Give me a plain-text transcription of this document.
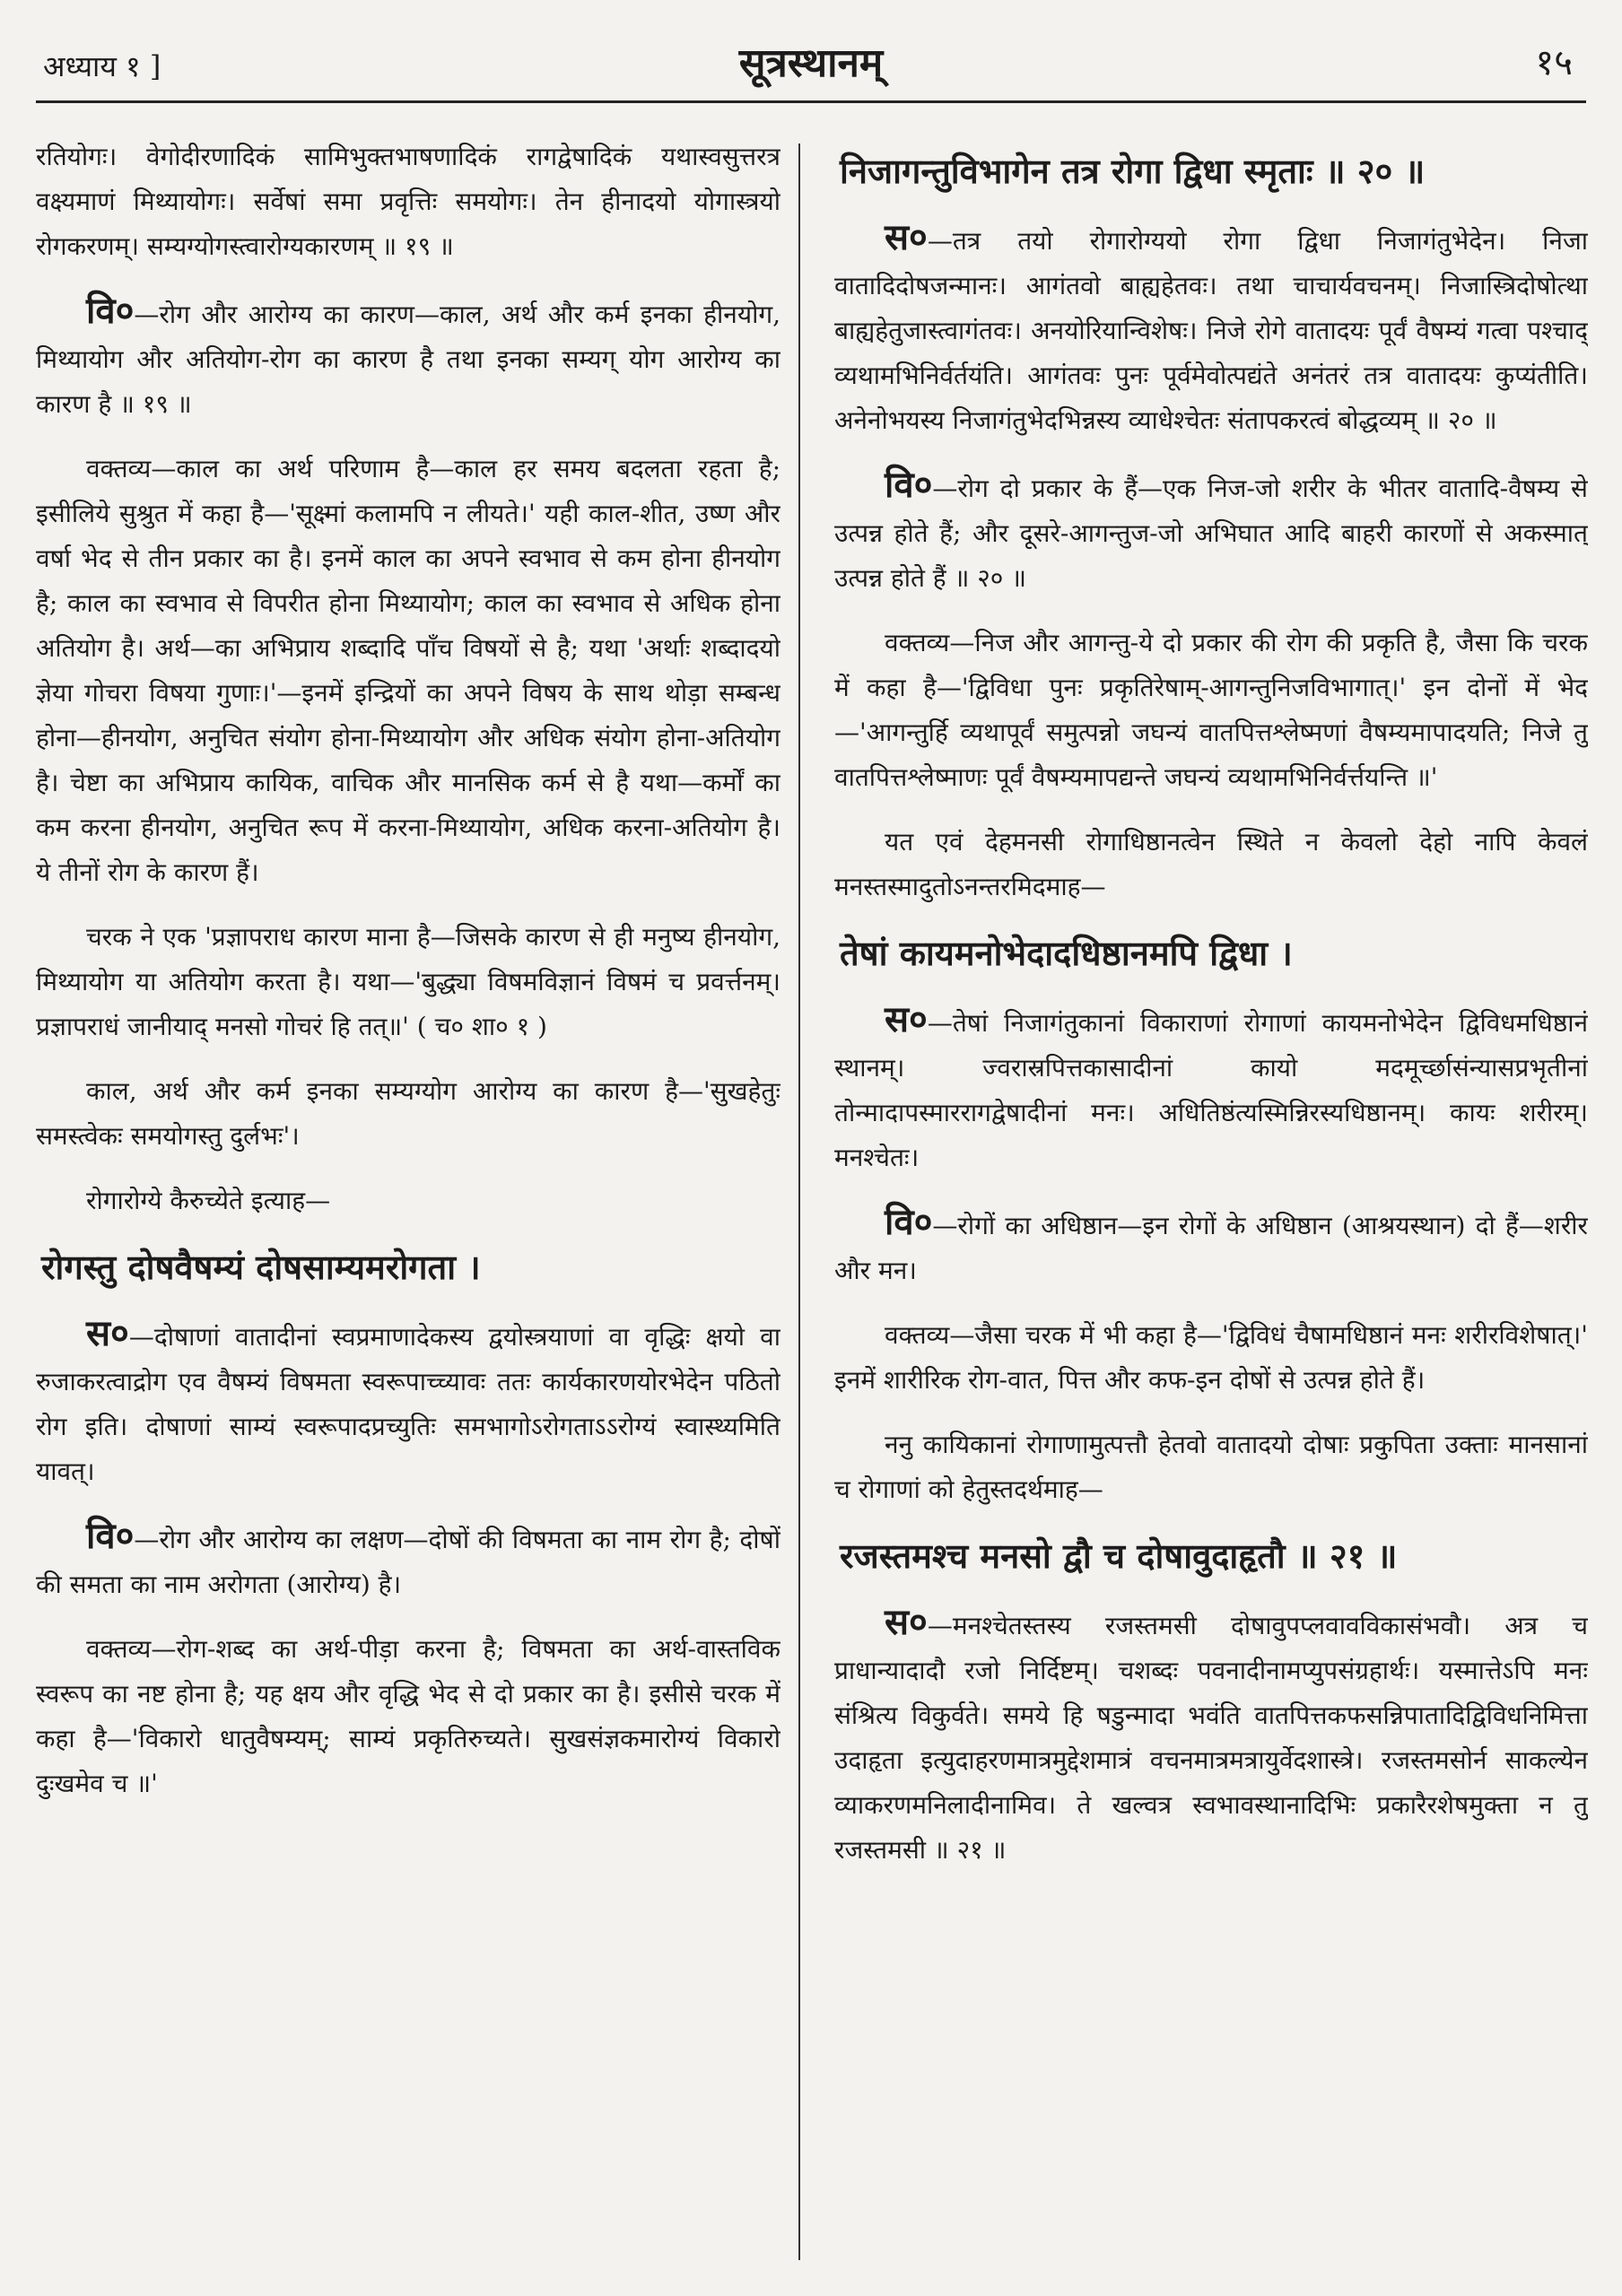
अध्याय १ ]	सूत्रस्थानम्	१५

रतियोगः। वेगोदीरणादिकं सामिभुक्तभाषणादिकं रागद्वेषादिकं यथास्वसुत्तरत्र वक्ष्यमाणं मिथ्यायोगः। सर्वेषां समा प्रवृत्तिः समयोगः। तेन हीनादयो योगास्त्रयो रोगकरणम्। सम्यग्योगस्त्वारोग्यकारणम् ॥ १९ ॥

वि०—रोग और आरोग्य का कारण—काल, अर्थ और कर्म इनका हीनयोग, मिथ्यायोग और अतियोग-रोग का कारण है तथा इनका सम्यग् योग आरोग्य का कारण है ॥ १९ ॥

वक्तव्य—काल का अर्थ परिणाम है—काल हर समय बदलता रहता है; इसीलिये सुश्रुत में कहा है—'सूक्ष्मां कलामपि न लीयते।' यही काल-शीत, उष्ण और वर्षा भेद से तीन प्रकार का है। इनमें काल का अपने स्वभाव से कम होना हीनयोग है; काल का स्वभाव से विपरीत होना मिथ्यायोग; काल का स्वभाव से अधिक होना अतियोग है। अर्थ—का अभिप्राय शब्दादि पाँच विषयों से है; यथा 'अर्थाः शब्दादयो ज्ञेया गोचरा विषया गुणाः।'—इनमें इन्द्रियों का अपने विषय के साथ थोड़ा सम्बन्ध होना—हीनयोग, अनुचित संयोग होना-मिथ्यायोग और अधिक संयोग होना-अतियोग है। चेष्टा का अभिप्राय कायिक, वाचिक और मानसिक कर्म से है यथा—कर्मों का कम करना हीनयोग, अनुचित रूप में करना-मिथ्यायोग, अधिक करना-अतियोग है। ये तीनों रोग के कारण हैं।

चरक ने एक 'प्रज्ञापराध कारण माना है—जिसके कारण से ही मनुष्य हीनयोग, मिथ्यायोग या अतियोग करता है। यथा—'बुद्ध्या विषमविज्ञानं विषमं च प्रवर्त्तनम्। प्रज्ञापराधं जानीयाद् मनसो गोचरं हि तत्॥' ( च० शा० १ )

काल, अर्थ और कर्म इनका सम्यग्योग आरोग्य का कारण है—'सुखहेतुः समस्त्वेकः समयोगस्तु दुर्लभः'।

रोगारोग्ये कैरुच्येते इत्याह—

रोगस्तु दोषवैषम्यं दोषसाम्यमरोगता ।

स०—दोषाणां वातादीनां स्वप्रमाणादेकस्य द्वयोस्त्रयाणां वा वृद्धिः क्षयो वा रुजाकरत्वाद्रोग एव वैषम्यं विषमता स्वरूपाच्च्यावः ततः कार्यकारणयोरभेदेन पठितो रोग इति। दोषाणां साम्यं स्वरूपादप्रच्युतिः समभागोऽरोगताऽऽरोग्यं स्वास्थ्यमिति यावत्।

वि०—रोग और आरोग्य का लक्षण—दोषों की विषमता का नाम रोग है; दोषों की समता का नाम अरोगता (आरोग्य) है।

वक्तव्य—रोग-शब्द का अर्थ-पीड़ा करना है; विषमता का अर्थ-वास्तविक स्वरूप का नष्ट होना है; यह क्षय और वृद्धि भेद से दो प्रकार का है। इसीसे चरक में कहा है—'विकारो धातुवैषम्यम्; साम्यं प्रकृतिरुच्यते। सुखसंज्ञकमारोग्यं विकारो दुःखमेव च ॥'

निजागन्तुविभागेन तत्र रोगा द्विधा स्मृताः ॥ २० ॥

स०—तत्र तयो रोगारोग्ययो रोगा द्विधा निजागंतुभेदेन। निजा वातादिदोषजन्मानः। आगंतवो बाह्यहेतवः। तथा चाचार्यवचनम्। निजास्त्रिदोषोत्था बाह्यहेतुजास्त्वागंतवः। अनयोरियान्विशेषः। निजे रोगे वातादयः पूर्वं वैषम्यं गत्वा पश्चाद् व्यथामभिनिर्वर्तयंति। आगंतवः पुनः पूर्वमेवोत्पद्यंते अनंतरं तत्र वातादयः कुप्यंतीति। अनेनोभयस्य निजागंतुभेदभिन्नस्य व्याधेश्चेतः संतापकरत्वं बोद्धव्यम् ॥ २० ॥

वि०—रोग दो प्रकार के हैं—एक निज-जो शरीर के भीतर वातादि-वैषम्य से उत्पन्न होते हैं; और दूसरे-आगन्तुज-जो अभिघात आदि बाहरी कारणों से अकस्मात् उत्पन्न होते हैं ॥ २० ॥

वक्तव्य—निज और आगन्तु-ये दो प्रकार की रोग की प्रकृति है, जैसा कि चरक में कहा है—'द्विविधा पुनः प्रकृतिरेषाम्-आगन्तुनिजविभागात्।' इन दोनों में भेद—'आगन्तुर्हि व्यथापूर्वं समुत्पन्नो जघन्यं वातपित्तश्लेष्मणां वैषम्यमापादयति; निजे तु वातपित्तश्लेष्माणः पूर्वं वैषम्यमापद्यन्ते जघन्यं व्यथामभिनिर्वर्त्तयन्ति ॥'

यत एवं देहमनसी रोगाधिष्ठानत्वेन स्थिते न केवलो देहो नापि केवलं मनस्तस्मादुतोऽनन्तरमिदमाह—

तेषां कायमनोभेदादधिष्ठानमपि द्विधा ।

स०—तेषां निजागंतुकानां विकाराणां रोगाणां कायमनोभेदेन द्विविधमधिष्ठानं स्थानम्। ज्वरास्रपित्तकासादीनां कायो मदमूर्च्छासंन्यासप्रभृतीनां तोन्मादापस्माररागद्वेषादीनां मनः। अधितिष्ठंत्यस्मिन्निरस्यधिष्ठानम्। कायः शरीरम्। मनश्चेतः।

वि०—रोगों का अधिष्ठान—इन रोगों के अधिष्ठान (आश्रयस्थान) दो हैं—शरीर और मन।

वक्तव्य—जैसा चरक में भी कहा है—'द्विविधं चैषामधिष्ठानं मनः शरीरविशेषात्।' इनमें शारीरिक रोग-वात, पित्त और कफ-इन दोषों से उत्पन्न होते हैं।

ननु कायिकानां रोगाणामुत्पत्तौ हेतवो वातादयो दोषाः प्रकुपिता उक्ताः मानसानां च रोगाणां को हेतुस्तदर्थमाह—

रजस्तमश्च मनसो द्वौ च दोषावुदाहृतौ ॥ २१ ॥

स०—मनश्चेतस्तस्य रजस्तमसी दोषावुपप्लवावविकासंभवौ। अत्र च प्राधान्यादादौ रजो निर्दिष्टम्। चशब्दः पवनादीनामप्युपसंग्रहार्थः। यस्मात्तेऽपि मनः संश्रित्य विकुर्वते। समये हि षडुन्मादा भवंति वातपित्तकफसन्निपातादिद्विविधनिमित्ता उदाहृता इत्युदाहरणमात्रमुद्देशमात्रं वचनमात्रमत्रायुर्वेदशास्त्रे। रजस्तमसोर्न साकल्येन व्याकरणमनिलादीनामिव। ते खल्वत्र स्वभावस्थानादिभिः प्रकारैरशेषमुक्ता न तु रजस्तमसी ॥ २१ ॥
